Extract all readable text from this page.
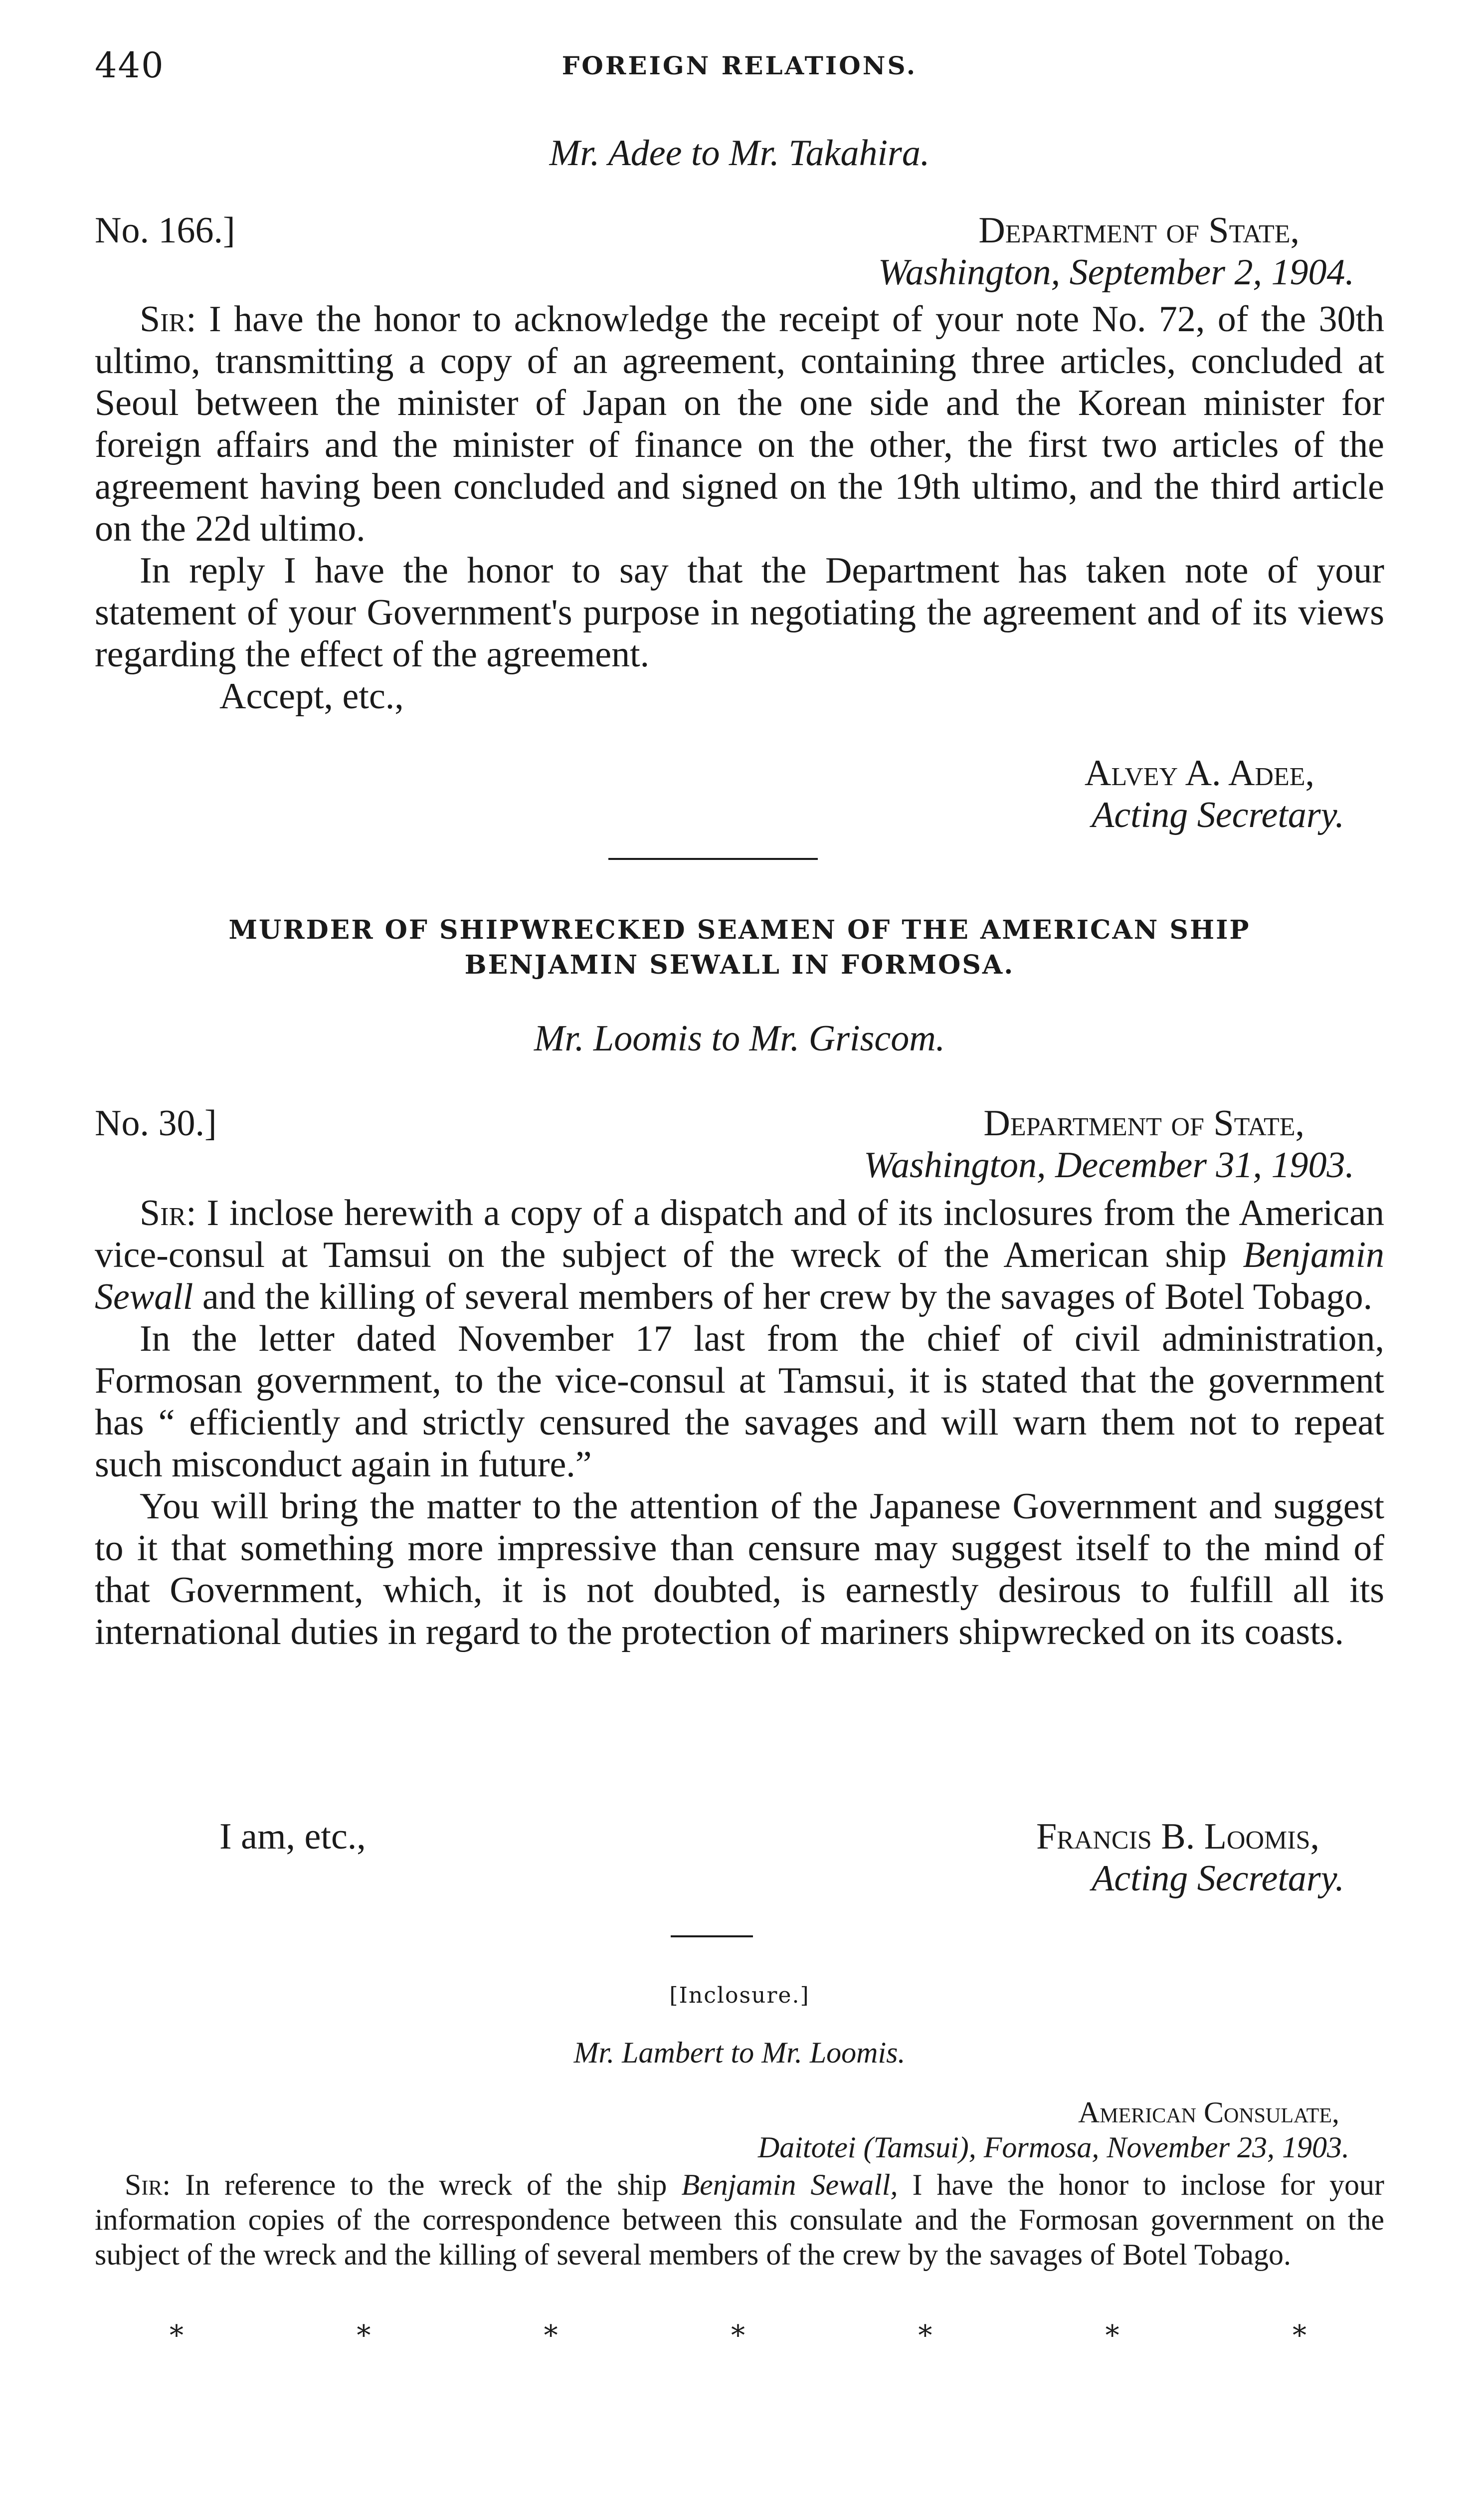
440	FOREIGN RELATIONS.
Mr. Adee to Mr. Takahira.
No. 166.]	Department of State,
Washington, September 2, 1904.

Sir: I have the honor to acknowledge the receipt of your note No. 72, of the 30th ultimo, transmitting a copy of an agreement, containing three articles, concluded at Seoul between the minister of Japan on the one side and the Korean minister for foreign affairs and the minister of finance on the other, the first two articles of the agreement having been concluded and signed on the 19th ultimo, and the third article on the 22d ultimo.

In reply I have the honor to say that the Department has taken note of your statement of your Government's purpose in negotiating the agreement and of its views regarding the effect of the agreement.

Accept, etc.,
Alvey A. Adee,
Acting Secretary.
MURDER OF SHIPWRECKED SEAMEN OF THE AMERICAN SHIP
BENJAMIN SEWALL IN FORMOSA.
Mr. Loomis to Mr. Griscom.
No. 30.]	Department of State,
Washington, December 31, 1903.

Sir: I inclose herewith a copy of a dispatch and of its inclosures from the American vice-consul at Tamsui on the subject of the wreck of the American ship Benjamin Sewall and the killing of several members of her crew by the savages of Botel Tobago.

In the letter dated November 17 last from the chief of civil administration, Formosan government, to the vice-consul at Tamsui, it is stated that the government has “ efficiently and strictly censured the savages and will warn them not to repeat such misconduct again in future.”

You will bring the matter to the attention of the Japanese Government and suggest to it that something more impressive than censure may suggest itself to the mind of that Government, which, it is not doubted, is earnestly desirous to fulfill all its international duties in regard to the protection of mariners shipwrecked on its coasts.

I am, etc.,	Francis B. Loomis,
Acting Secretary.
[Inclosure.]
Mr. Lambert to Mr. Loomis.
American Consulate,
Daitotei (Tamsui), Formosa, November 23, 1903.

Sir: In reference to the wreck of the ship Benjamin Sewall, I have the honor to inclose for your information copies of the correspondence between this consulate and the Formosan government on the subject of the wreck and the killing of several members of the crew by the savages of Botel Tobago.

*	*	*	*	*	*	*
